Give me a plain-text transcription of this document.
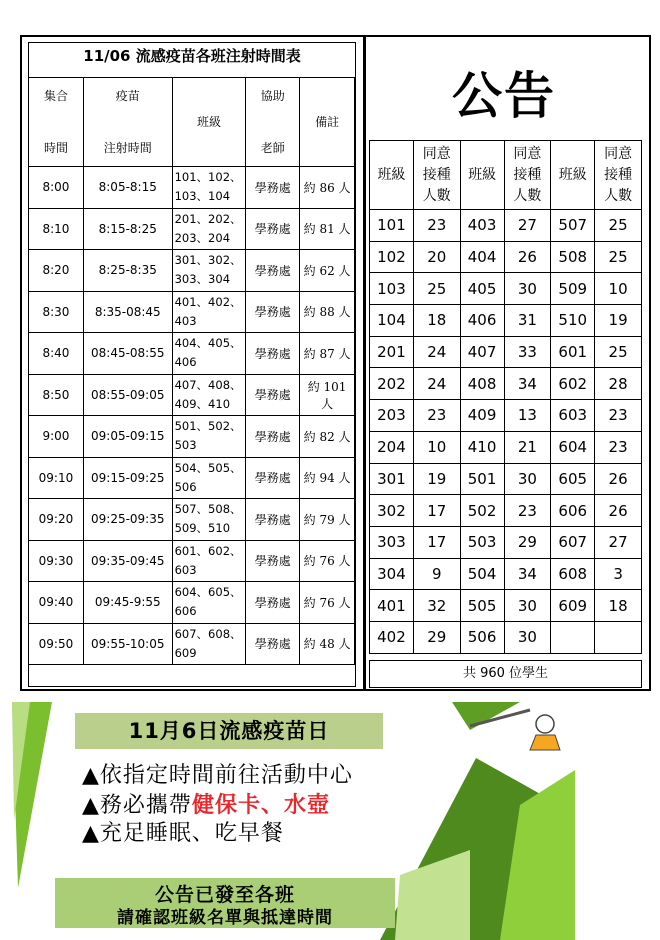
11/06 流感疫苗各班注射時間表
集合

時間	疫苗

注射時間	班級	協助

老師	備註
8:00	8:05-8:15	101、102、
103、104	學務處	約 86 人
8:10	8:15-8:25	201、202、
203、204	學務處	約 81 人
8:20	8:25-8:35	301、302、
303、304	學務處	約 62 人
8:30	8:35-08:45	401、402、
403	學務處	約 88 人
8:40	08:45-08:55	404、405、
406	學務處	約 87 人
8:50	08:55-09:05	407、408、
409、410	學務處	約 101 人
9:00	09:05-09:15	501、502、
503	學務處	約 82 人
09:10	09:15-09:25	504、505、
506	學務處	約 94 人
09:20	09:25-09:35	507、508、
509、510	學務處	約 79 人
09:30	09:35-09:45	601、602、
603	學務處	約 76 人
09:40	09:45-9:55	604、605、
606	學務處	約 76 人
09:50	09:55-10:05	607、608、
609	學務處	約 48 人
公告
班級	同意
接種
人數	班級	同意
接種
人數	班級	同意
接種
人數
101	23	403	27	507	25
102	20	404	26	508	25
103	25	405	30	509	10
104	18	406	31	510	19
201	24	407	33	601	25
202	24	408	34	602	28
203	23	409	13	603	23
204	10	410	21	604	23
301	19	501	30	605	26
302	17	502	23	606	26
303	17	503	29	607	27
304	9	504	34	608	3
401	32	505	30	609	18
402	29	506	30		
共 960 位學生
11月6日流感疫苗日
▲依指定時間前往活動中心
▲務必攜帶健保卡、水壺
▲充足睡眠、吃早餐
公告已發至各班
請確認班級名單與抵達時間
